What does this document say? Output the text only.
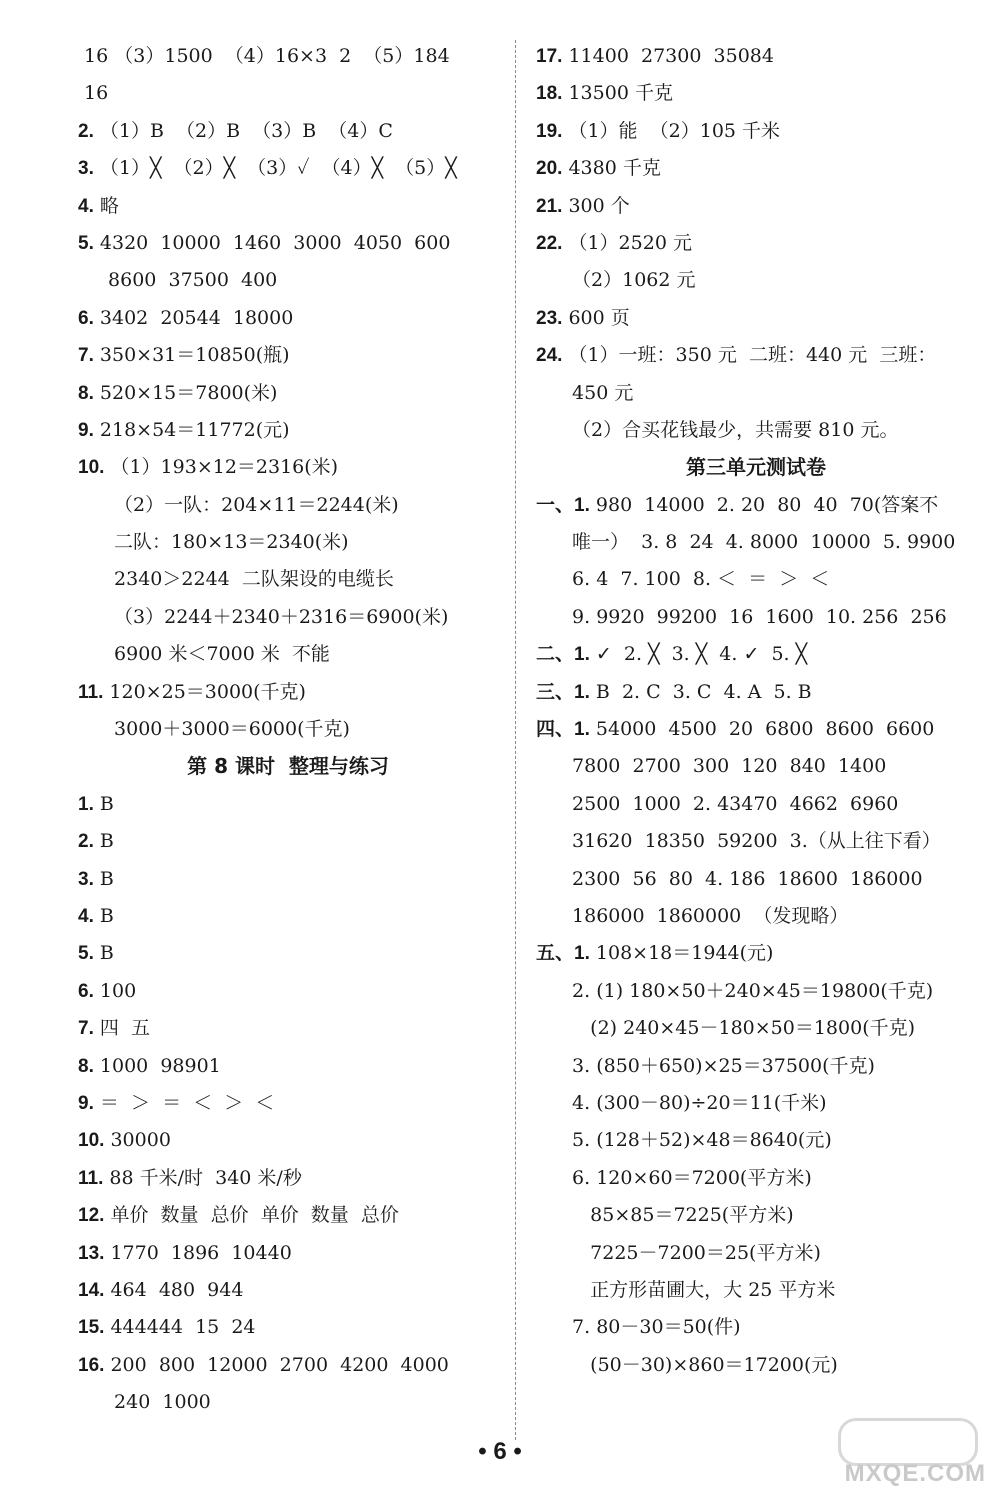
16 （3）1500  （4）16×3  2  （5）184
16
2. （1）B  （2）B  （3）B  （4）C
3. （1）╳  （2）╳  （3）✓  （4）╳  （5）╳
4. 略
5. 4320  10000  1460  3000  4050  600
8600  37500  400
6. 3402  20544  18000
7. 350×31＝10850(瓶)
8. 520×15＝7800(米)
9. 218×54＝11772(元)
10. （1）193×12＝2316(米)
（2）一队：204×11＝2244(米)
二队：180×13＝2340(米)
2340＞2244  二队架设的电缆长
（3）2244＋2340＋2316＝6900(米)
6900 米＜7000 米  不能
11. 120×25＝3000(千克)
3000＋3000＝6000(千克)
第 8 课时  整理与练习
1. B
2. B
3. B
4. B
5. B
6. 100
7. 四  五
8. 1000  98901
9. ＝  ＞  ＝  ＜  ＞  ＜
10. 30000
11. 88 千米/时  340 米/秒
12. 单价  数量  总价  单价  数量  总价
13. 1770  1896  10440
14. 464  480  944
15. 444444  15  24
16. 200  800  12000  2700  4200  4000
240  1000
17. 11400  27300  35084
18. 13500 千克
19. （1）能  （2）105 千米
20. 4380 千克
21. 300 个
22. （1）2520 元
（2）1062 元
23. 600 页
24. （1）一班：350 元  二班：440 元  三班：
450 元
（2）合买花钱最少，共需要 810 元。
第三单元测试卷
一、1. 980  14000  2. 20  80  40  70(答案不
唯一）  3. 8  24  4. 8000  10000  5. 9900
6. 4  7. 100  8. ＜  ＝  ＞  ＜
9. 9920  99200  16  1600  10. 256  256
二、1. ✓  2. ╳  3. ╳  4. ✓  5. ╳
三、1. B  2. C  3. C  4. A  5. B
四、1. 54000  4500  20  6800  8600  6600
7800  2700  300  120  840  1400
2500  1000  2. 43470  4662  6960
31620  18350  59200  3.（从上往下看）
2300  56  80  4. 186  18600  186000
186000  1860000  （发现略）
五、1. 108×18＝1944(元)
2. (1) 180×50＋240×45＝19800(千克)
(2) 240×45－180×50＝1800(千克)
3. (850＋650)×25＝37500(千克)
4. (300－80)÷20＝11(千米)
5. (128＋52)×48＝8640(元)
6. 120×60＝7200(平方米)
85×85＝7225(平方米)
7225－7200＝25(平方米)
正方形苗圃大，大 25 平方米
7. 80－30＝50(件)
(50－30)×860＝17200(元)
• 6 •
MXQE.COM
